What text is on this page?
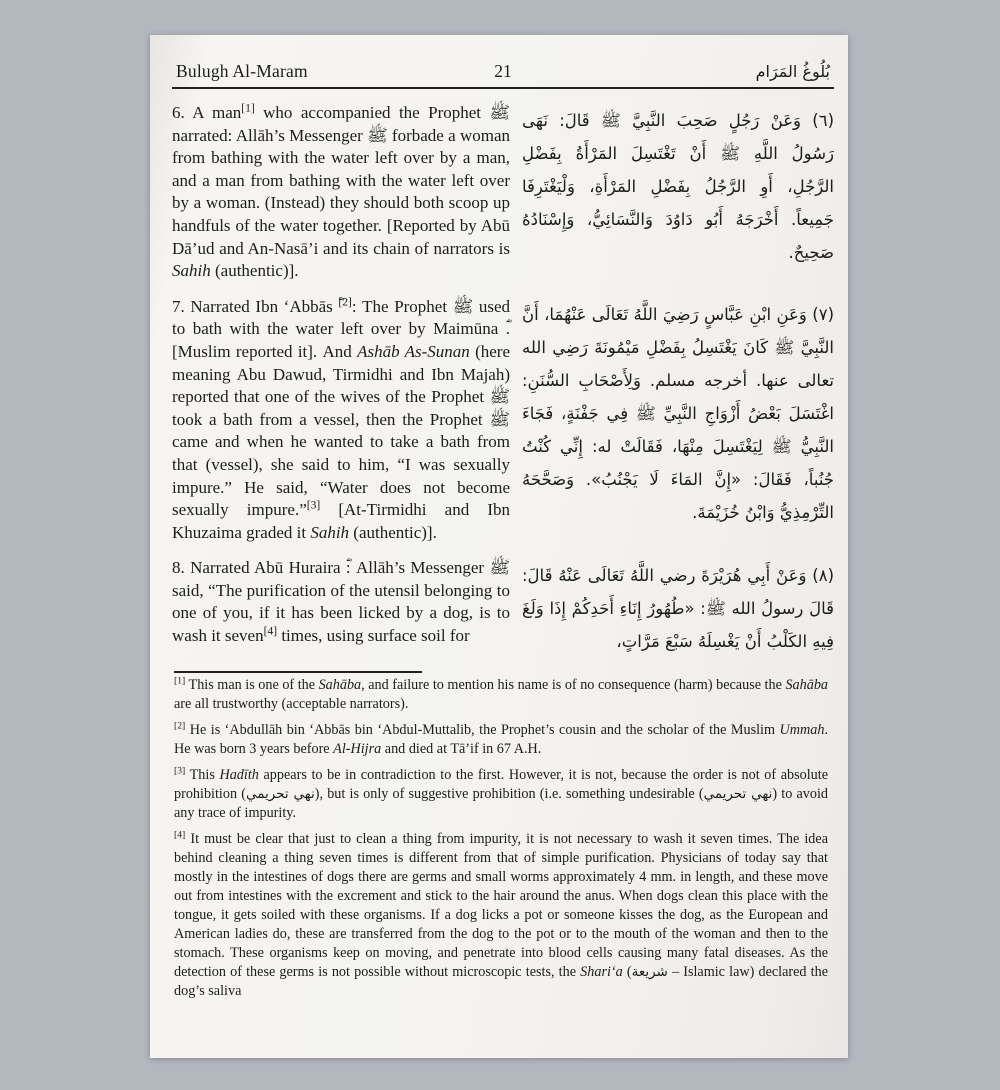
Bulugh Al-Maram	21	بُلُوغُ المَرَام
6. A man[1] who accompanied the Prophet ﷺ narrated: Allāh’s Messenger ﷺ forbade a woman from bathing with the water left over by a man, and a man from bathing with the water left over by a woman. (Instead) they should both scoop up handfuls of the water together. [Reported by Abū Dā’ud and An-Nasā’i and its chain of narrators is Sahih (authentic)].
(٦) وَعَنْ رَجُلٍ صَحِبَ النَّبِيَّ ﷺ قَالَ: نَهَى رَسُولُ اللَّهِ ﷺ أَنْ تَغْتَسِلَ المَرْأَةُ بِفَضْلِ الرَّجُلِ، أَوِ الرَّجُلُ بِفَضْلِ المَرْأَةِ، وَلْيَغْتَرِفَا جَمِيعاً. أَخْرَجَهُ أَبُو دَاوُدَ وَالنَّسَائِيُّ، وَإِسْنَادُهُ صَحِيحٌ.
7. Narrated Ibn ‘Abbās [2]: The Prophet ﷺ used to bath with the water left over by Maimūna . [Muslim reported it]. And Ashāb As-Sunan (here meaning Abu Dawud, Tirmidhi and Ibn Majah) reported that one of the wives of the Prophet ﷺ took a bath from a vessel, then the Prophet ﷺ came and when he wanted to take a bath from that (vessel), she said to him, “I was sexually impure.” He said, “Water does not become sexually impure.”[3] [At-Tirmidhi and Ibn Khuzaima graded it Sahih (authentic)].
(٧) وَعَنِ ابْنِ عَبَّاسٍ رَضِيَ اللَّهُ تَعَالَى عَنْهُمَا، أَنَّ النَّبِيَّ ﷺ كَانَ يَغْتَسِلُ بِفَضْلِ مَيْمُونَةَ رَضِي الله تعالى عنها. أخرجه مسلم. وَلِأَصْحَابِ السُّنَنِ: اغْتَسَلَ بَعْضُ أَزْوَاجِ النَّبِيِّ ﷺ فِي جَفْنَةٍ، فَجَاءَ النَّبِيُّ ﷺ لِيَغْتَسِلَ مِنْهَا، فَقَالَتْ له: إِنِّي كُنْتُ جُنُباً، فَقَالَ: «إِنَّ المَاءَ لَا يَجْنُبُ». وَصَحَّحَهُ التِّرْمِذِيُّ وَابْنُ خُزَيْمَةَ.
8. Narrated Abū Huraira : Allāh’s Messenger ﷺ said, “The purification of the utensil belonging to one of you, if it has been licked by a dog, is to wash it seven[4] times, using surface soil for
(٨) وَعَنْ أَبِي هُرَيْرَةَ رضي اللَّهُ تَعَالَى عَنْهُ قَالَ: قَالَ رسولُ الله ﷺ: «طُهُورُ إِنَاءِ أَحَدِكُمْ إِذَا وَلَغَ فِيهِ الكَلْبُ أَنْ يَغْسِلَهُ سَبْعَ مَرَّاتٍ،
[1] This man is one of the Sahāba, and failure to mention his name is of no consequence (harm) because the Sahāba are all trustworthy (acceptable narrators).
[2] He is ‘Abdullāh bin ‘Abbās bin ‘Abdul-Muttalib, the Prophet’s cousin and the scholar of the Muslim Ummah. He was born 3 years before Al-Hijra and died at Tā’if in 67 A.H.
[3] This Hadīth appears to be in contradiction to the first. However, it is not, because the order is not of absolute prohibition (نهي تحريمي), but is only of suggestive prohibition (i.e. something undesirable (نهي تحريمي) to avoid any trace of impurity.
[4] It must be clear that just to clean a thing from impurity, it is not necessary to wash it seven times. The idea behind cleaning a thing seven times is different from that of simple purification. Physicians of today say that mostly in the intestines of dogs there are germs and small worms approximately 4 mm. in length, and these move out from intestines with the excrement and stick to the hair around the anus. When dogs clean this place with the tongue, it gets soiled with these organisms. If a dog licks a pot or someone kisses the dog, as the European and American ladies do, these are transferred from the dog to the pot or to the mouth of the woman and then to the stomach. These organisms keep on moving, and penetrate into blood cells causing many fatal diseases. As the detection of these germs is not possible without microscopic tests, the Shari‘a (شريعة – Islamic law) declared the dog’s saliva
